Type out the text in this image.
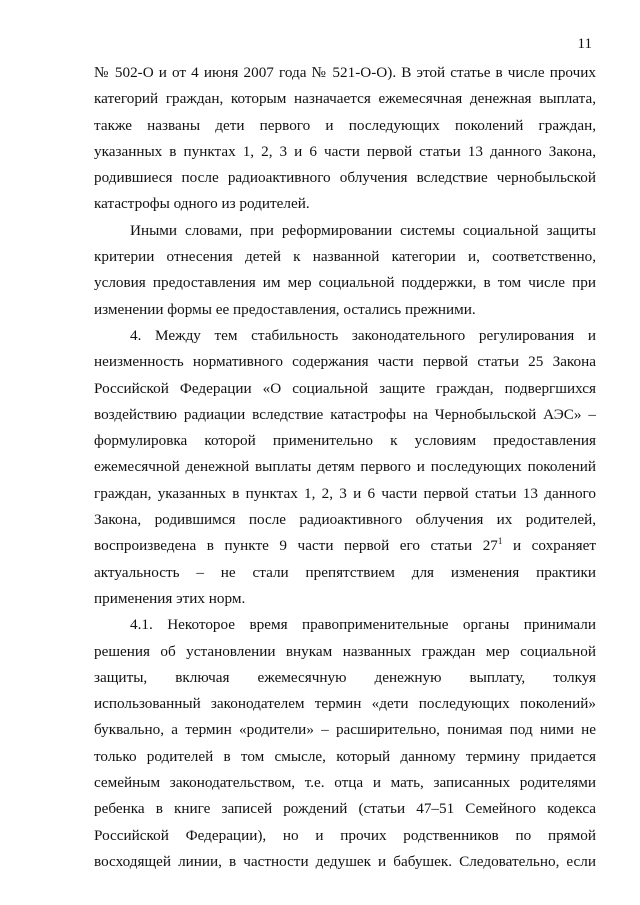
11
№ 502-О и от 4 июня 2007 года № 521-О-О). В этой статье в числе прочих
категорий граждан, которым назначается ежемесячная денежная выплата,
также названы дети первого и последующих поколений граждан,
указанных в пунктах 1, 2, 3 и 6 части первой статьи 13 данного Закона,
родившиеся после радиоактивного облучения вследствие чернобыльской
катастрофы одного из родителей.
Иными словами, при реформировании системы социальной защиты
критерии отнесения детей к названной категории и, соответственно,
условия предоставления им мер социальной поддержки, в том числе при
изменении формы ее предоставления, остались прежними.
4. Между тем стабильность законодательного регулирования и
неизменность нормативного содержания части первой статьи 25 Закона
Российской Федерации «О социальной защите граждан, подвергшихся
воздействию радиации вследствие катастрофы на Чернобыльской АЭС» –
формулировка которой применительно к условиям предоставления
ежемесячной денежной выплаты детям первого и последующих поколений
граждан, указанных в пунктах 1, 2, 3 и 6 части первой статьи 13 данного
Закона, родившимся после радиоактивного облучения их родителей,
воспроизведена в пункте 9 части первой его статьи $27^1$ и сохраняет
актуальность – не стали препятствием для изменения практики
применения этих норм.
4.1. Некоторое время правоприменительные органы принимали
решения об установлении внукам названных граждан мер социальной
защиты, включая ежемесячную денежную выплату, толкуя
использованный законодателем термин «дети последующих поколений»
буквально, а термин «родители» – расширительно, понимая под ними не
только родителей в том смысле, который данному термину придается
семейным законодательством, т.е. отца и мать, записанных родителями
ребенка в книге записей рождений (статьи 47–51 Семейного кодекса
Российской Федерации), но и прочих родственников по прямой
восходящей линии, в частности дедушек и бабушек. Следовательно, если
